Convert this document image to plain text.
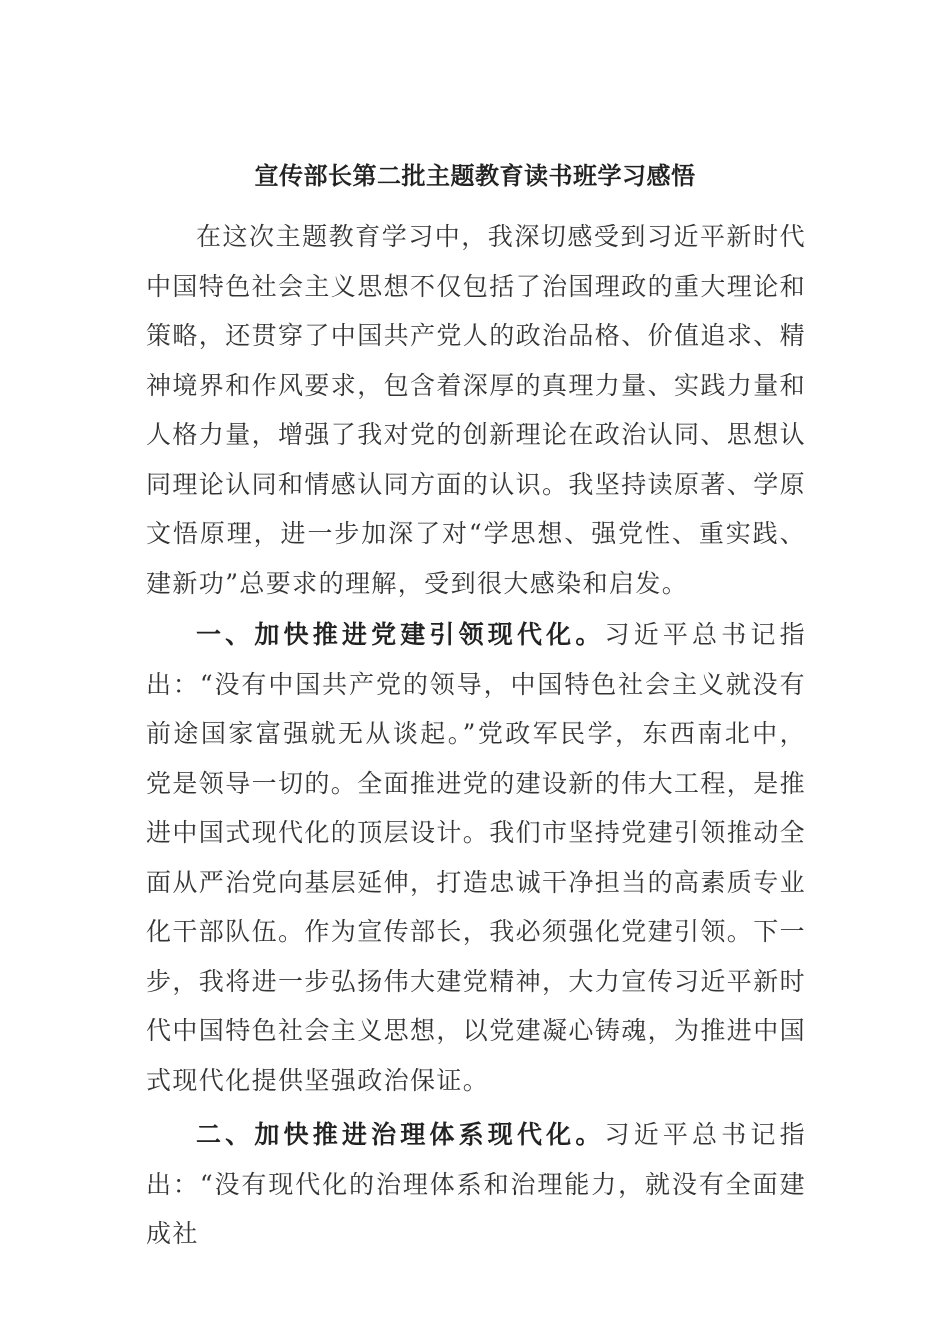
宣传部长第二批主题教育读书班学习感悟

在这次主题教育学习中，我深切感受到习近平新时代中国特色社会主义思想不仅包括了治国理政的重大理论和策略，还贯穿了中国共产党人的政治品格、价值追求、精神境界和作风要求，包含着深厚的真理力量、实践力量和人格力量，增强了我对党的创新理论在政治认同、思想认同理论认同和情感认同方面的认识。我坚持读原著、学原文悟原理，进一步加深了对“学思想、强党性、重实践、建新功”总要求的理解，受到很大感染和启发。

一、加快推进党建引领现代化。习近平总书记指出：“没有中国共产党的领导，中国特色社会主义就没有前途国家富强就无从谈起。”党政军民学，东西南北中，党是领导一切的。全面推进党的建设新的伟大工程，是推进中国式现代化的顶层设计。我们市坚持党建引领推动全面从严治党向基层延伸，打造忠诚干净担当的高素质专业化干部队伍。作为宣传部长，我必须强化党建引领。下一步，我将进一步弘扬伟大建党精神，大力宣传习近平新时代中国特色社会主义思想，以党建凝心铸魂，为推进中国式现代化提供坚强政治保证。

二、加快推进治理体系现代化。习近平总书记指出：“没有现代化的治理体系和治理能力，就没有全面建成社
